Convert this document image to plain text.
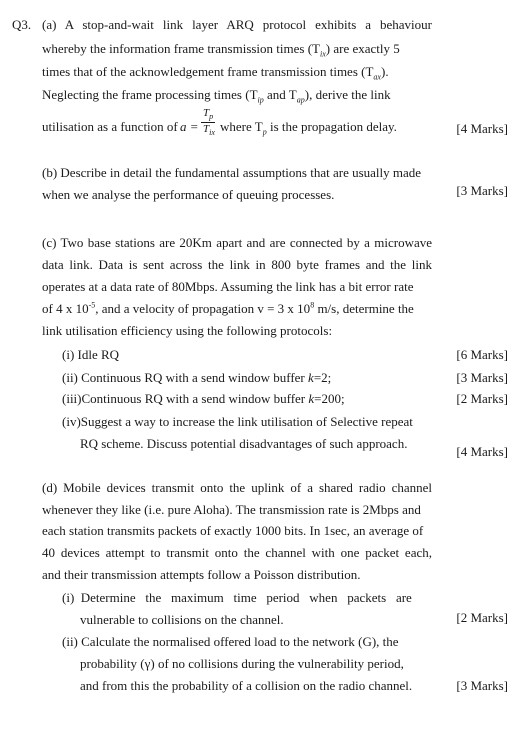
Q3. (a) A stop-and-wait link layer ARQ protocol exhibits a behaviour
whereby the information frame transmission times $(T_{ix})$ are exactly 5
times that of the acknowledgement frame transmission times $(T_{ax})$.
Neglecting the frame processing times ($T_{ip}$ and $T_{ap}$), derive the link
utilisation as a function of a =
$T_p$
$T_{ix}$ where $T_p$ is the propagation delay.	[4 Marks]
(b) Describe in detail the fundamental assumptions that are usually made
when we analyse the performance of queuing processes.	[3 Marks]
(c) Two base stations are 20Km apart and are connected by a microwave
data link. Data is sent across the link in 800 byte frames and the link
operates at a data rate of 80Mbps. Assuming the link has a bit error rate
of 4 x $10^{-5}$, and a velocity of propagation v = 3 x $10^8$ m/s, determine the
link utilisation efficiency using the following protocols:
(i) Idle RQ	[6 Marks]
(ii) Continuous RQ with a send window buffer k=2;	[3 Marks]
(iii)Continuous RQ with a send window buffer k=200;	[2 Marks]
(iv)Suggest a way to increase the link utilisation of Selective repeat
RQ scheme. Discuss potential disadvantages of such approach.
[4 Marks]
(d) Mobile devices transmit onto the uplink of a shared radio channel
whenever they like (i.e. pure Aloha). The transmission rate is 2Mbps and
each station transmits packets of exactly 1000 bits. In 1sec, an average of
40 devices attempt to transmit onto the channel with one packet each,
and their transmission attempts follow a Poisson distribution.
(i)  Determine   the   maximum   time   period   when   packets   are
vulnerable to collisions on the channel.	[2 Marks]
(ii) Calculate the normalised offered load to the network (G), the
probability (γ) of no collisions during the vulnerability period,
and from this the probability of a collision on the radio channel.	[3 Marks]
